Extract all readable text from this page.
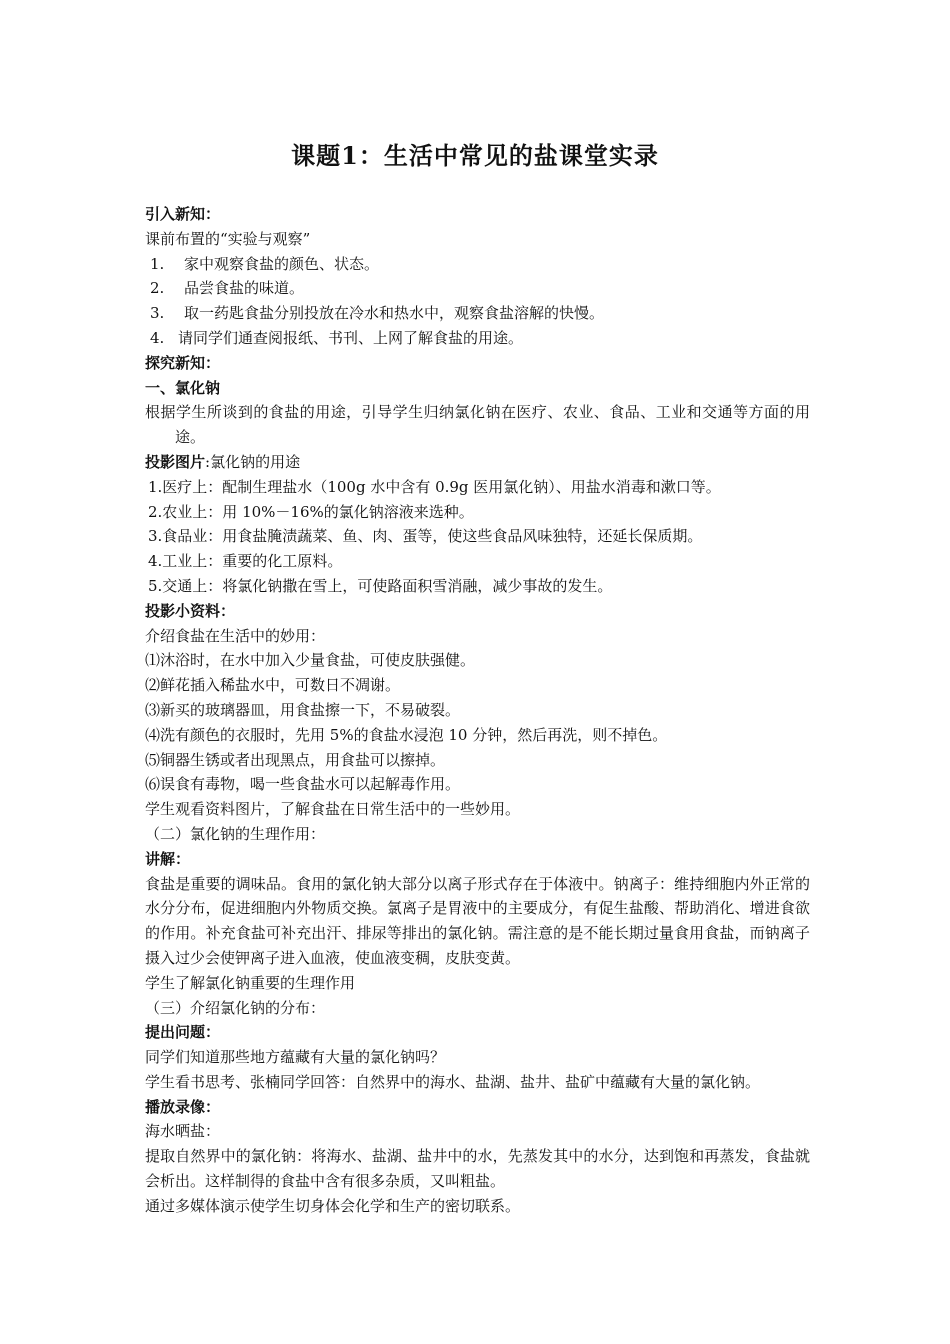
课题1：生活中常见的盐课堂实录
引入新知：
课前布置的“实验与观察”
1. 家中观察食盐的颜色、状态。
2. 品尝食盐的味道。
3. 取一药匙食盐分别投放在冷水和热水中，观察食盐溶解的快慢。
4. 请同学们通查阅报纸、书刊、上网了解食盐的用途。
探究新知：
一、氯化钠
根据学生所谈到的食盐的用途，引导学生归纳氯化钠在医疗、农业、食品、工业和交通等方面的用途。
投影图片:氯化钠的用途
1.医疗上：配制生理盐水（100g 水中含有 0.9g 医用氯化钠）、用盐水消毒和漱口等。
2.农业上：用 10%－16%的氯化钠溶液来选种。
3.食品业：用食盐腌渍蔬菜、鱼、肉、蛋等，使这些食品风味独特，还延长保质期。
4.工业上：重要的化工原料。
5.交通上：将氯化钠撒在雪上，可使路面积雪消融，减少事故的发生。
投影小资料：
介绍食盐在生活中的妙用：
⑴沐浴时，在水中加入少量食盐，可使皮肤强健。
⑵鲜花插入稀盐水中，可数日不凋谢。
⑶新买的玻璃器皿，用食盐擦一下，不易破裂。
⑷洗有颜色的衣服时，先用 5%的食盐水浸泡 10 分钟，然后再洗，则不掉色。
⑸铜器生锈或者出现黑点，用食盐可以擦掉。
⑹误食有毒物，喝一些食盐水可以起解毒作用。
学生观看资料图片，了解食盐在日常生活中的一些妙用。
（二）氯化钠的生理作用：
讲解：
食盐是重要的调味品。食用的氯化钠大部分以离子形式存在于体液中。钠离子：维持细胞内外正常的水分分布，促进细胞内外物质交换。氯离子是胃液中的主要成分，有促生盐酸、帮助消化、增进食欲的作用。补充食盐可补充出汗、排尿等排出的氯化钠。需注意的是不能长期过量食用食盐，而钠离子摄入过少会使钾离子进入血液，使血液变稠，皮肤变黄。
学生了解氯化钠重要的生理作用
（三）介绍氯化钠的分布：
提出问题：
同学们知道那些地方蕴藏有大量的氯化钠吗？
学生看书思考、张楠同学回答：自然界中的海水、盐湖、盐井、盐矿中蕴藏有大量的氯化钠。
播放录像：
海水晒盐：
提取自然界中的氯化钠：将海水、盐湖、盐井中的水，先蒸发其中的水分，达到饱和再蒸发，食盐就会析出。这样制得的食盐中含有很多杂质，又叫粗盐。
通过多媒体演示使学生切身体会化学和生产的密切联系。
